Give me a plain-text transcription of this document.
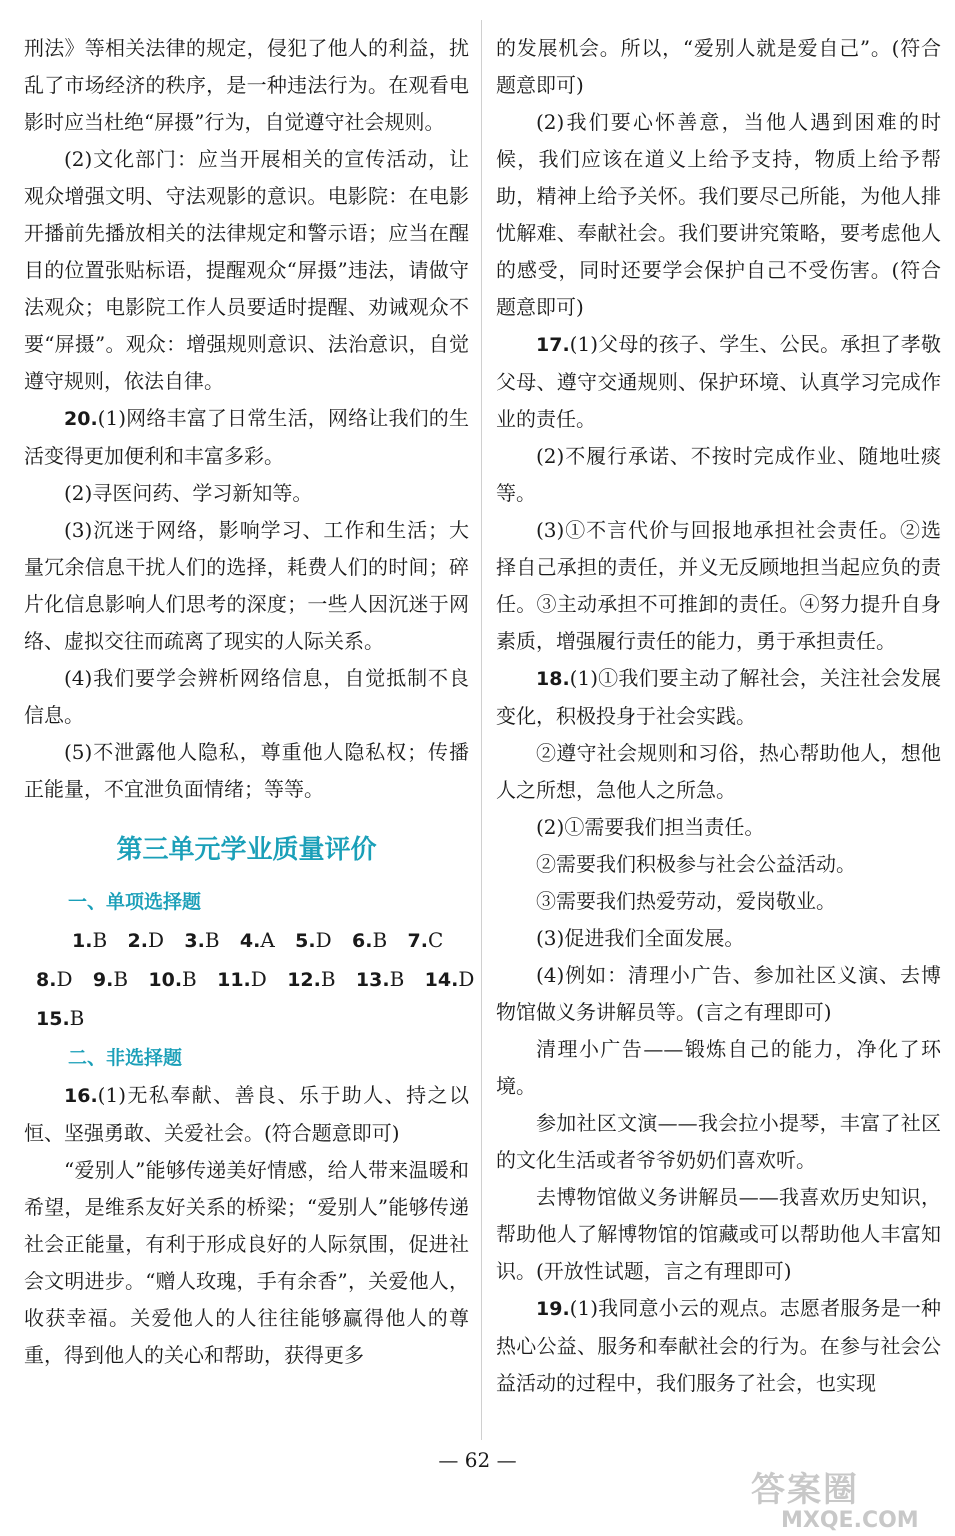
刑法》等相关法律的规定，侵犯了他人的利益，扰乱了市场经济的秩序，是一种违法行为。在观看电影时应当杜绝“屏摄”行为，自觉遵守社会规则。

(2)文化部门：应当开展相关的宣传活动，让观众增强文明、守法观影的意识。电影院：在电影开播前先播放相关的法律规定和警示语；应当在醒目的位置张贴标语，提醒观众“屏摄”违法，请做守法观众；电影院工作人员要适时提醒、劝诫观众不要“屏摄”。观众：增强规则意识、法治意识，自觉遵守规则，依法自律。

20.(1)网络丰富了日常生活，网络让我们的生活变得更加便利和丰富多彩。

(2)寻医问药、学习新知等。

(3)沉迷于网络，影响学习、工作和生活；大量冗余信息干扰人们的选择，耗费人们的时间；碎片化信息影响人们思考的深度；一些人因沉迷于网络、虚拟交往而疏离了现实的人际关系。

(4)我们要学会辨析网络信息，自觉抵制不良信息。

(5)不泄露他人隐私，尊重他人隐私权；传播正能量，不宜泄负面情绪；等等。

第三单元学业质量评价
一、单项选择题
1.B 2.D 3.B 4.A 5.D 6.B 7.C
8.D 9.B 10.B 11.D 12.B 13.B 14.D
15.B
二、非选择题

16.(1)无私奉献、善良、乐于助人、持之以恒、坚强勇敢、关爱社会。(符合题意即可)

“爱别人”能够传递美好情感，给人带来温暖和希望，是维系友好关系的桥梁；“爱别人”能够传递社会正能量，有利于形成良好的人际氛围，促进社会文明进步。“赠人玫瑰，手有余香”，关爱他人，收获幸福。关爱他人的人往往能够赢得他人的尊重，得到他人的关心和帮助，获得更多

的发展机会。所以，“爱别人就是爱自己”。(符合题意即可)

(2)我们要心怀善意，当他人遇到困难的时候，我们应该在道义上给予支持，物质上给予帮助，精神上给予关怀。我们要尽己所能，为他人排忧解难、奉献社会。我们要讲究策略，要考虑他人的感受，同时还要学会保护自己不受伤害。(符合题意即可)

17.(1)父母的孩子、学生、公民。承担了孝敬父母、遵守交通规则、保护环境、认真学习完成作业的责任。

(2)不履行承诺、不按时完成作业、随地吐痰等。

(3)①不言代价与回报地承担社会责任。②选择自己承担的责任，并义无反顾地担当起应负的责任。③主动承担不可推卸的责任。④努力提升自身素质，增强履行责任的能力，勇于承担责任。

18.(1)①我们要主动了解社会，关注社会发展变化，积极投身于社会实践。

②遵守社会规则和习俗，热心帮助他人，想他人之所想，急他人之所急。

(2)①需要我们担当责任。

②需要我们积极参与社会公益活动。

③需要我们热爱劳动，爱岗敬业。

(3)促进我们全面发展。

(4)例如：清理小广告、参加社区义演、去博物馆做义务讲解员等。(言之有理即可)

清理小广告——锻炼自己的能力，净化了环境。

参加社区文演——我会拉小提琴，丰富了社区的文化生活或者爷爷奶奶们喜欢听。

去博物馆做义务讲解员——我喜欢历史知识，帮助他人了解博物馆的馆藏或可以帮助他人丰富知识。(开放性试题，言之有理即可)

19.(1)我同意小云的观点。志愿者服务是一种热心公益、服务和奉献社会的行为。在参与社会公益活动的过程中，我们服务了社会，也实现

— 62 —
答案圈
MXQE.COM
